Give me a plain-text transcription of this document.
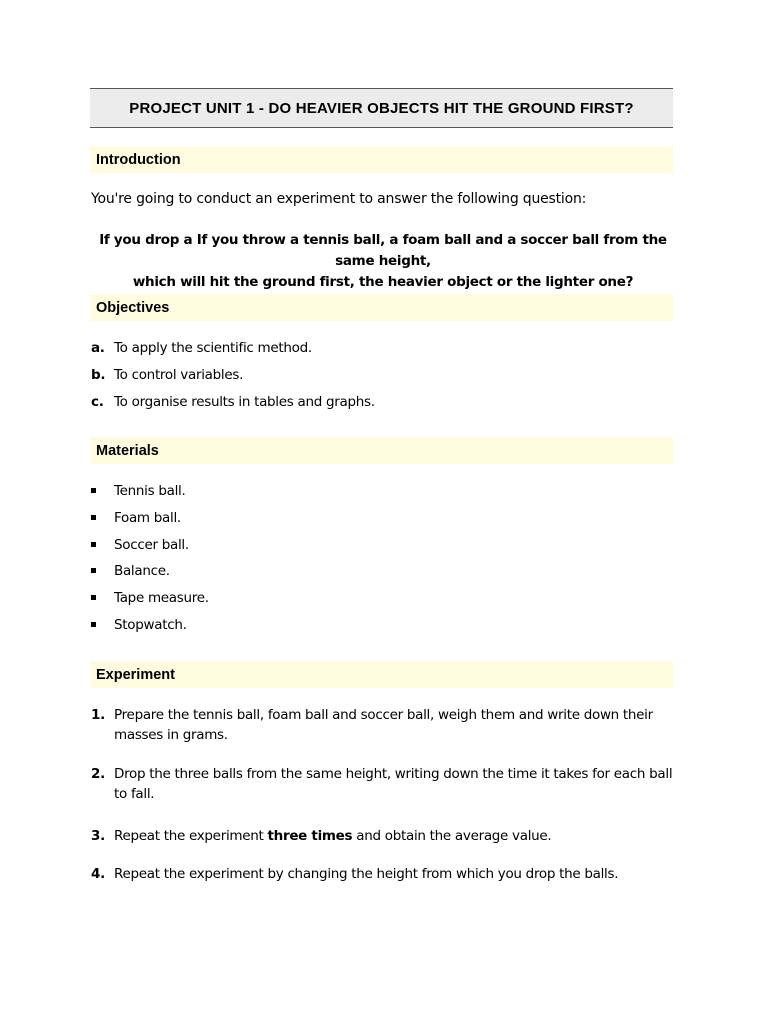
PROJECT UNIT 1 - DO HEAVIER OBJECTS HIT THE GROUND FIRST?
Introduction
You're going to conduct an experiment to answer the following question:
If you drop a If you throw a tennis ball, a foam ball and a soccer ball from the same height,
which will hit the ground first, the heavier object or the lighter one?
Objectives
a. To apply the scientific method.
b. To control variables.
c. To organise results in tables and graphs.
Materials
Tennis ball.
Foam ball.
Soccer ball.
Balance.
Tape measure.
Stopwatch.
Experiment
1. Prepare the tennis ball, foam ball and soccer ball, weigh them and write down their masses in grams.
2. Drop the three balls from the same height, writing down the time it takes for each ball to fall.
3. Repeat the experiment three times and obtain the average value.
4. Repeat the experiment by changing the height from which you drop the balls.
